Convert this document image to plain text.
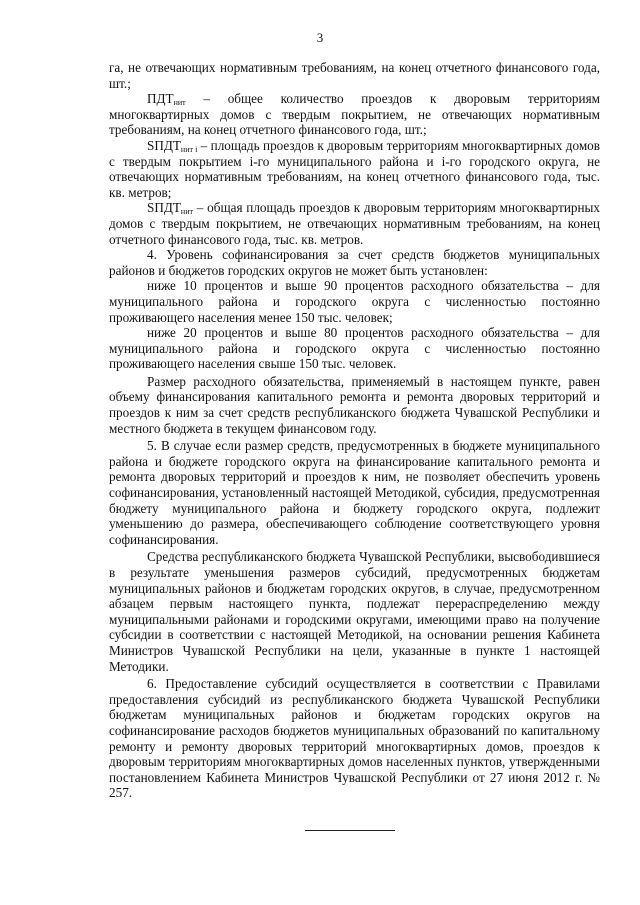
3

га, не отвечающих нормативным требованиям, на конец отчетного финансового года, шт.;

$ПДТ_{нит}$ – общее количество проездов к дворовым территориям многоквартирных домов с твердым покрытием, не отвечающих нормативным требованиям, на конец отчетного финансового года, шт.;

$SПДТ_{нит i}$ – площадь проездов к дворовым территориям многоквартирных домов с твердым покрытием i-го муниципального района и i-го городского округа, не отвечающих нормативным требованиям, на конец отчетного финансового года, тыс. кв. метров;

$SПДТ_{нит}$ – общая площадь проездов к дворовым территориям многоквартирных домов с твердым покрытием, не отвечающих нормативным требованиям, на конец отчетного финансового года, тыс. кв. метров.

4. Уровень софинансирования за счет средств бюджетов муниципальных районов и бюджетов городских округов не может быть установлен:

ниже 10 процентов и выше 90 процентов расходного обязательства – для муниципального района и городского округа с численностью постоянно проживающего населения менее 150 тыс. человек;

ниже 20 процентов и выше 80 процентов расходного обязательства – для муниципального района и городского округа с численностью постоянно проживающего населения свыше 150 тыс. человек.

Размер расходного обязательства, применяемый в настоящем пункте, равен объему финансирования капитального ремонта и ремонта дворовых территорий и проездов к ним за счет средств республиканского бюджета Чувашской Республики и местного бюджета в текущем финансовом году.

5. В случае если размер средств, предусмотренных в бюджете муниципального района и бюджете городского округа на финансирование капитального ремонта и ремонта дворовых территорий и проездов к ним, не позволяет обеспечить уровень софинансирования, установленный настоящей Методикой, субсидия, предусмотренная бюджету муниципального района и бюджету городского округа, подлежит уменьшению до размера, обеспечивающего соблюдение соответствующего уровня софинансирования.

Средства республиканского бюджета Чувашской Республики, высвободившиеся в результате уменьшения размеров субсидий, предусмотренных бюджетам муниципальных районов и бюджетам городских округов, в случае, предусмотренном абзацем первым настоящего пункта, подлежат перераспределению между муниципальными районами и городскими округами, имеющими право на получение субсидии в соответствии с настоящей Методикой, на основании решения Кабинета Министров Чувашской Республики на цели, указанные в пункте 1 настоящей Методики.

6. Предоставление субсидий осуществляется в соответствии с Правилами предоставления субсидий из республиканского бюджета Чувашской Республики бюджетам муниципальных районов и бюджетам городских округов на софинансирование расходов бюджетов муниципальных образований по капитальному ремонту и ремонту дворовых территорий многоквартирных домов, проездов к дворовым территориям многоквартирных домов населенных пунктов, утвержденными постановлением Кабинета Министров Чувашской Республики от 27 июня 2012 г. № 257.
